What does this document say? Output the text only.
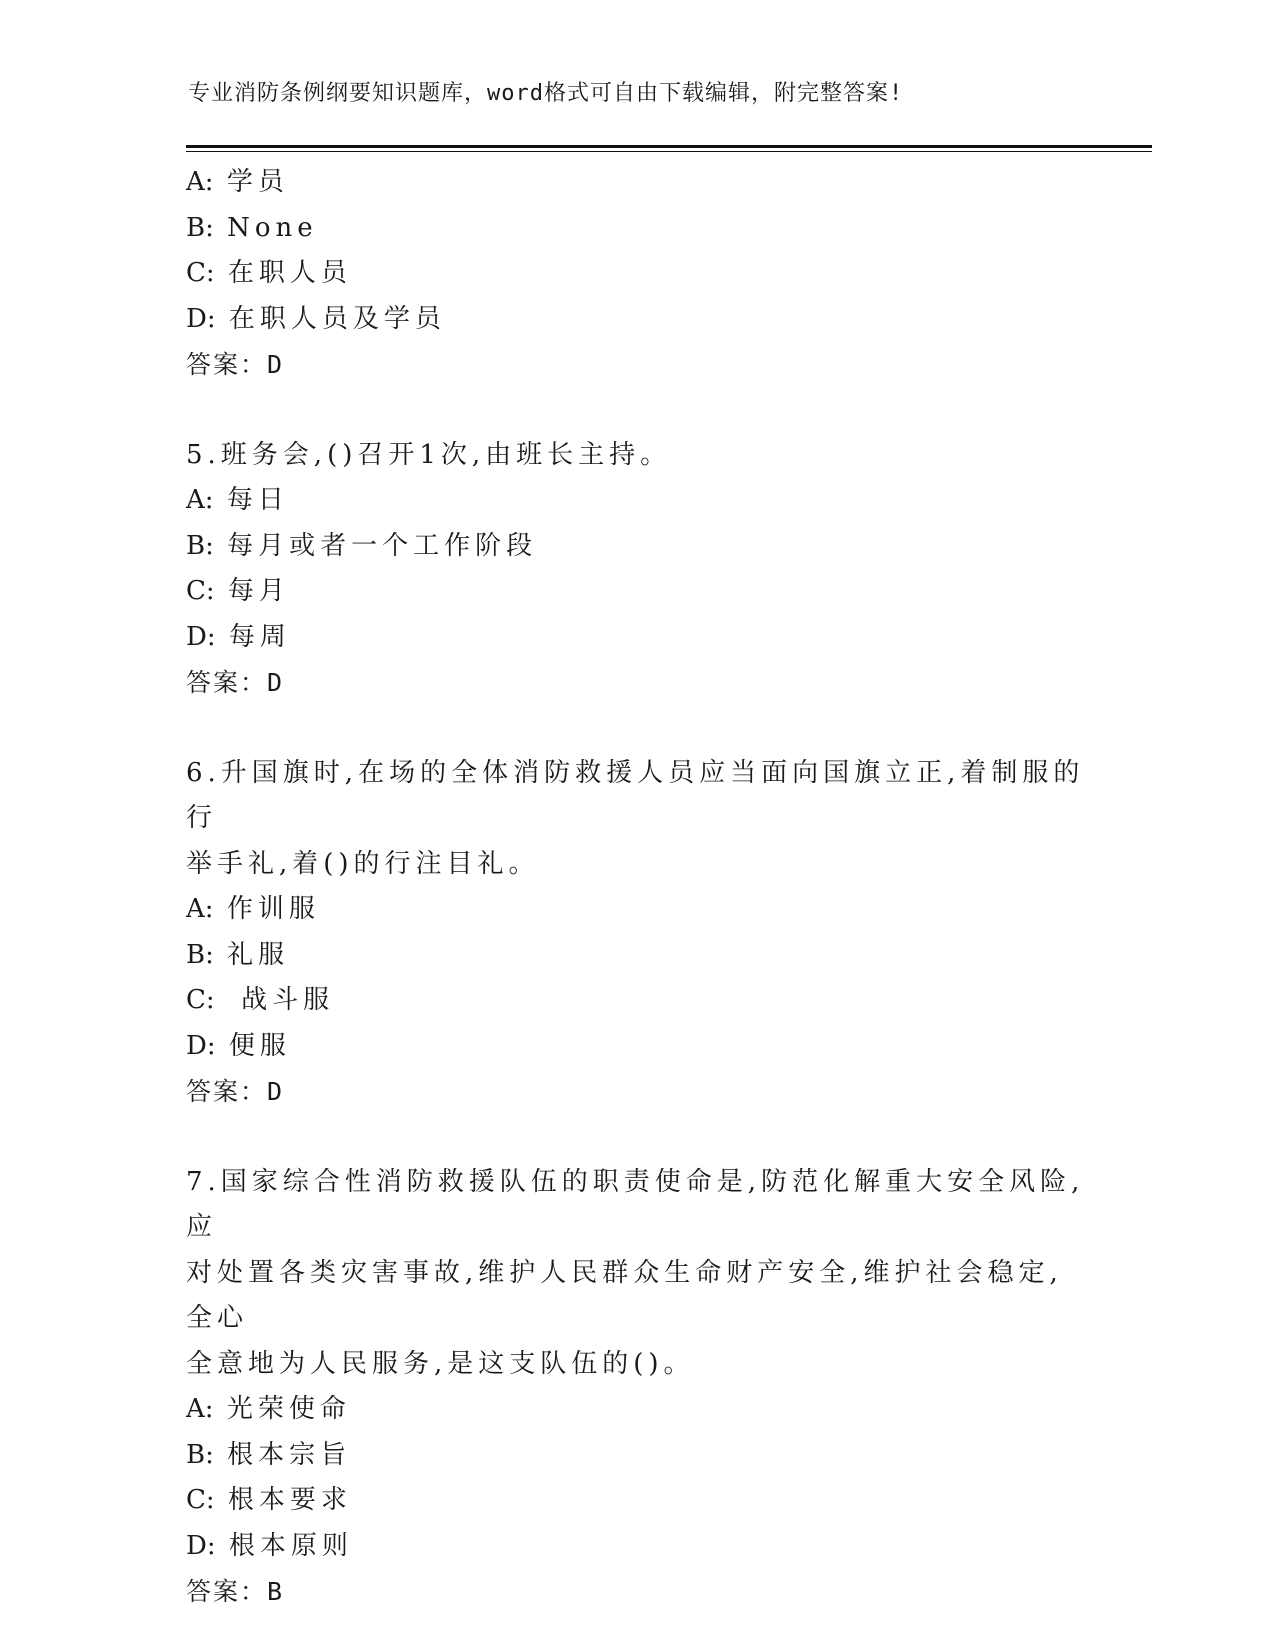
专业消防条例纲要知识题库，word格式可自由下载编辑，附完整答案!
A: 学员
B: None
C: 在职人员
D: 在职人员及学员
答案：D
5.班务会,()召开1次,由班长主持。
A: 每日
B: 每月或者一个工作阶段
C: 每月
D: 每周
答案：D
6.升国旗时,在场的全体消防救援人员应当面向国旗立正,着制服的行
举手礼,着()的行注目礼。
A: 作训服
B: 礼服
C:  战斗服
D: 便服
答案：D
7.国家综合性消防救援队伍的职责使命是,防范化解重大安全风险, 应
对处置各类灾害事故,维护人民群众生命财产安全,维护社会稳定,全心
全意地为人民服务,是这支队伍的()。
A: 光荣使命
B: 根本宗旨
C: 根本要求
D: 根本原则
答案：B
